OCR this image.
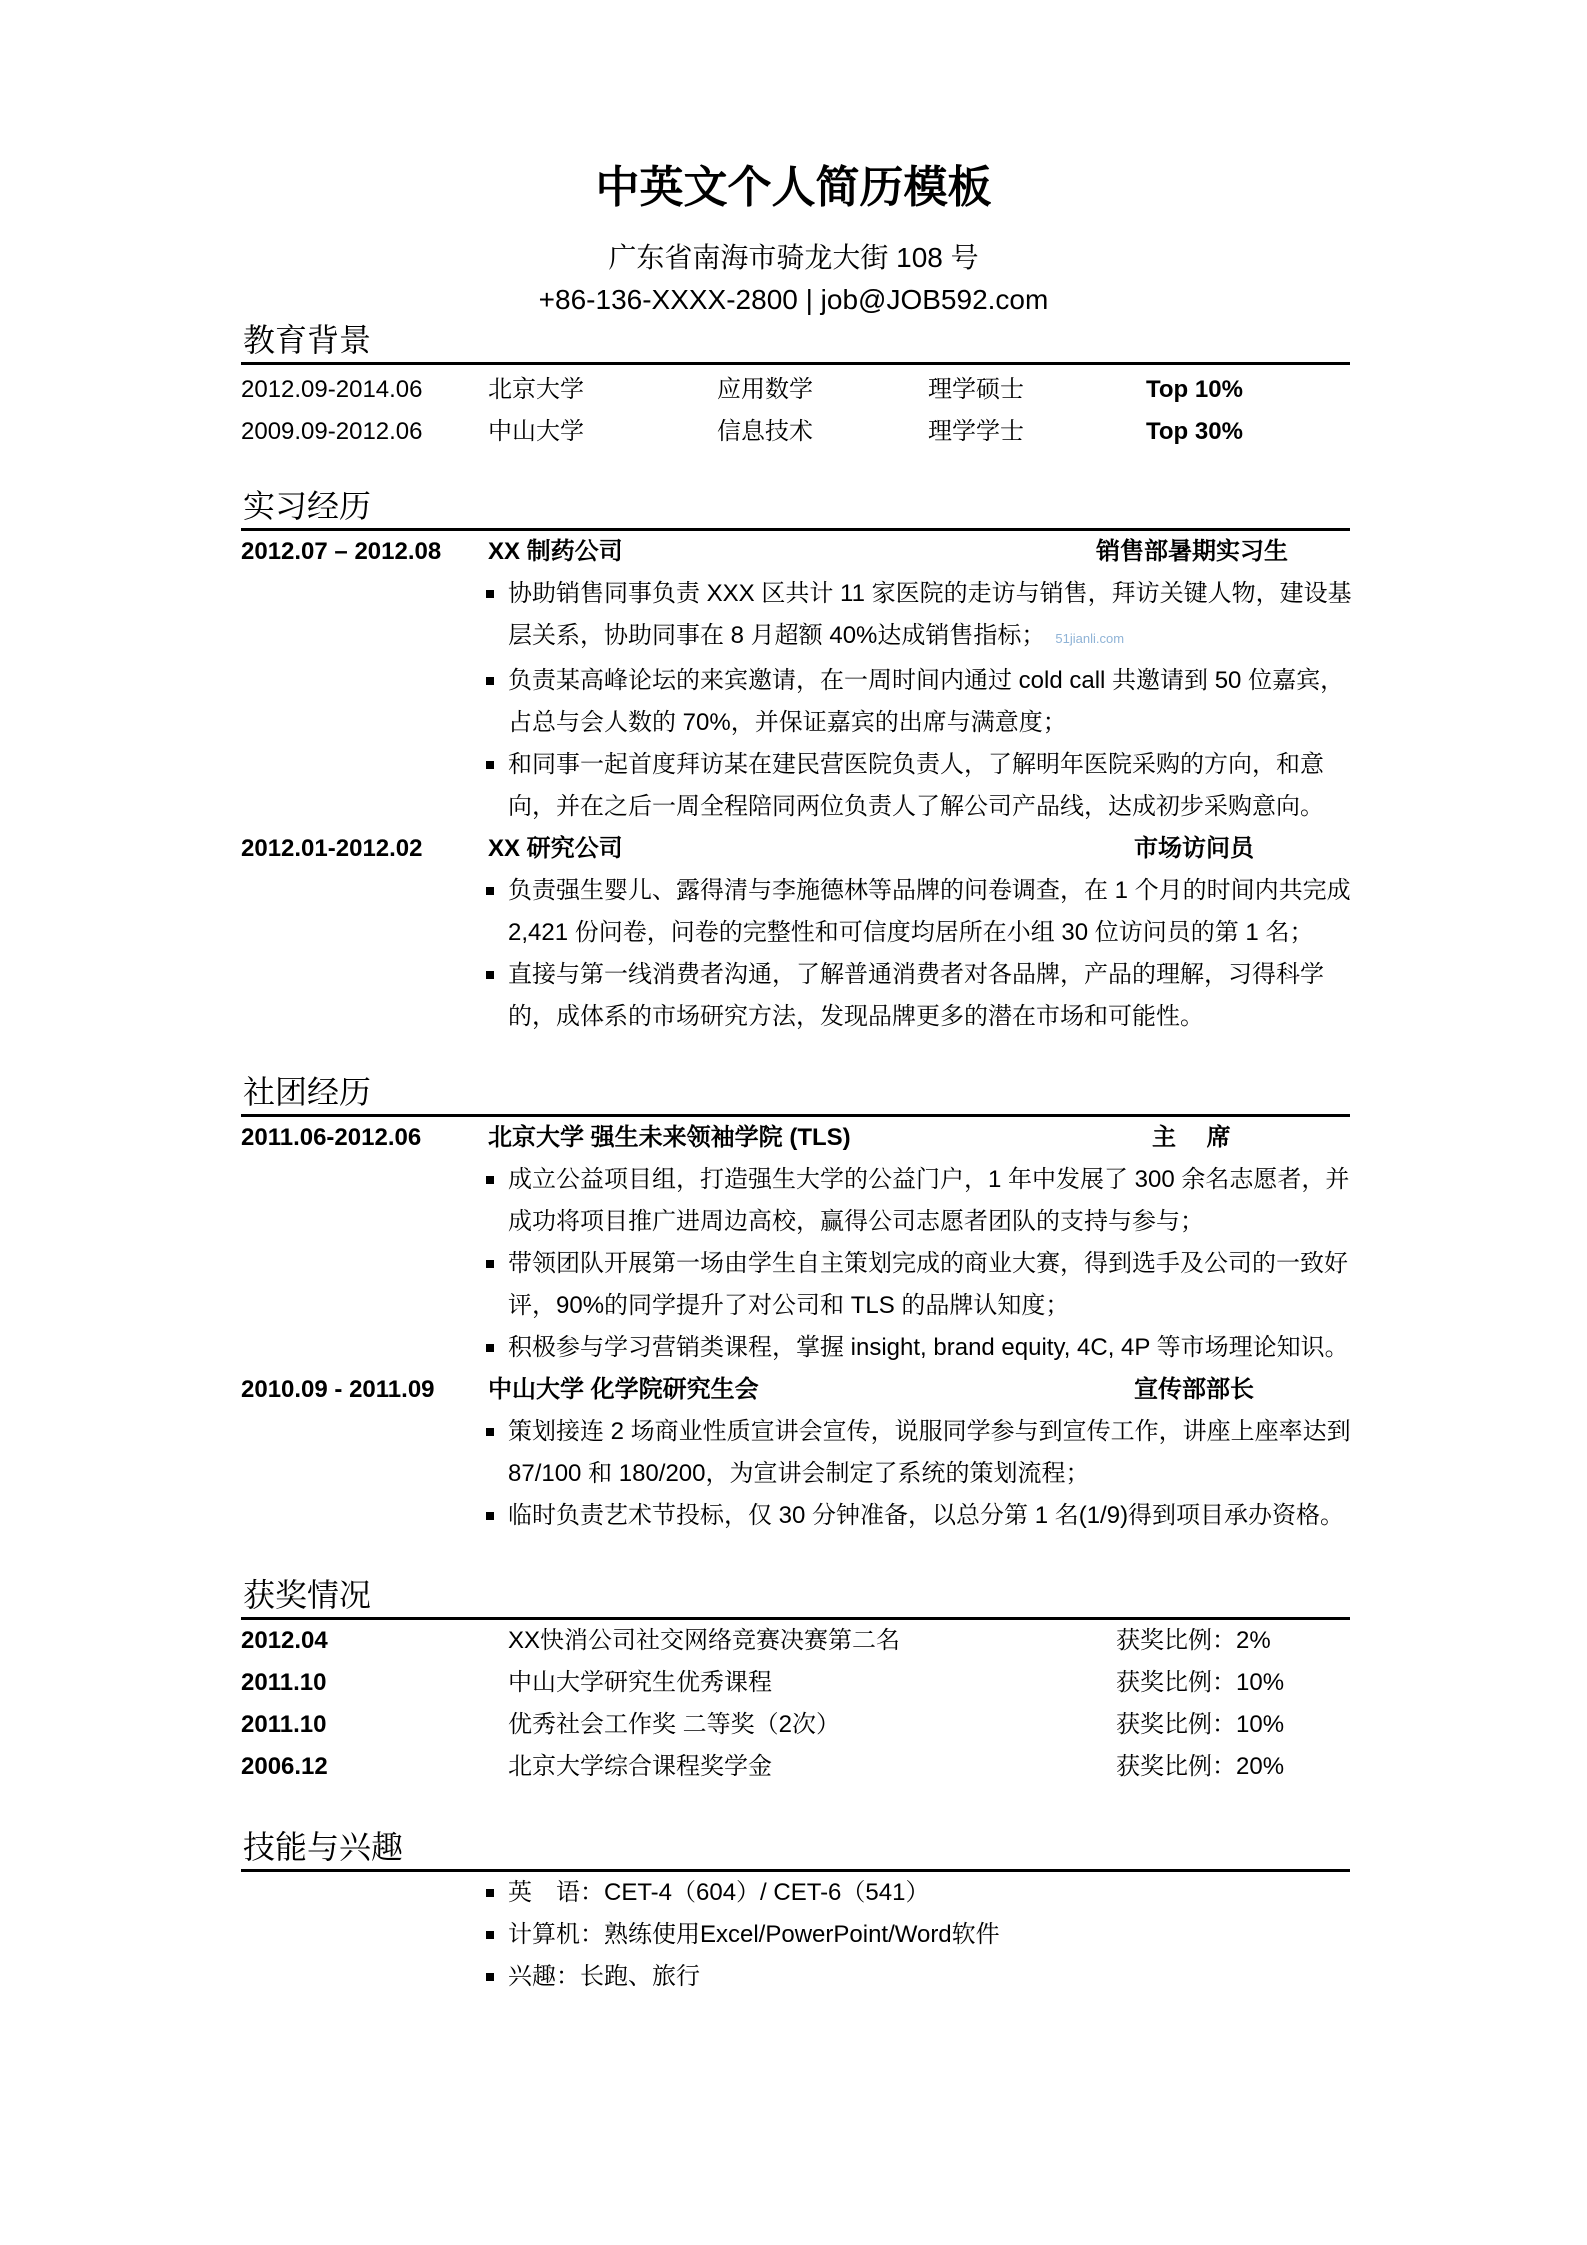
中英文个人简历模板
广东省南海市骑龙大街 108 号
+86-136-XXXX-2800 | job@JOB592.com
教育背景
2012.09-2014.06	北京大学	应用数学	理学硕士	Top 10%
2009.09-2012.06	中山大学	信息技术	理学学士	Top 30%
实习经历
2012.07 – 2012.08 XX 制药公司	销售部暑期实习生
协助销售同事负责 XXX 区共计 11 家医院的走访与销售，拜访关键人物，建设基层关系，协助同事在 8 月超额 40%达成销售指标； 51jianli.com
负责某高峰论坛的来宾邀请，在一周时间内通过 cold call 共邀请到 50 位嘉宾，占总与会人数的 70%，并保证嘉宾的出席与满意度；
和同事一起首度拜访某在建民营医院负责人，了解明年医院采购的方向，和意向，并在之后一周全程陪同两位负责人了解公司产品线，达成初步采购意向。
2012.01-2012.02	XX 研究公司	市场访问员
负责强生婴儿、露得清与李施德林等品牌的问卷调查，在 1 个月的时间内共完成 2,421 份问卷，问卷的完整性和可信度均居所在小组 30 位访问员的第 1 名；
直接与第一线消费者沟通，了解普通消费者对各品牌，产品的理解，习得科学的，成体系的市场研究方法，发现品牌更多的潜在市场和可能性。
社团经历
2011.06-2012.06	北京大学 强生未来领袖学院 (TLS)	主　 席
成立公益项目组，打造强生大学的公益门户，1 年中发展了 300 余名志愿者，并成功将项目推广进周边高校，赢得公司志愿者团队的支持与参与；
带领团队开展第一场由学生自主策划完成的商业大赛，得到选手及公司的一致好评，90%的同学提升了对公司和 TLS 的品牌认知度；
积极参与学习营销类课程，掌握 insight, brand equity, 4C, 4P 等市场理论知识。
2010.09 - 2011.09 中山大学 化学院研究生会	宣传部部长
策划接连 2 场商业性质宣讲会宣传，说服同学参与到宣传工作，讲座上座率达到 87/100 和 180/200，为宣讲会制定了系统的策划流程；
临时负责艺术节投标，仅 30 分钟准备，以总分第 1 名(1/9)得到项目承办资格。
获奖情况
2012.04	XX快消公司社交网络竞赛决赛第二名	获奖比例：2%
2011.10	中山大学研究生优秀课程	获奖比例：10%
2011.10	优秀社会工作奖 二等奖（2次）	获奖比例：10%
2006.12	北京大学综合课程奖学金	获奖比例：20%
技能与兴趣
英　语：CET-4（604）/ CET-6（541）
计算机：熟练使用Excel/PowerPoint/Word软件
兴趣：长跑、旅行
